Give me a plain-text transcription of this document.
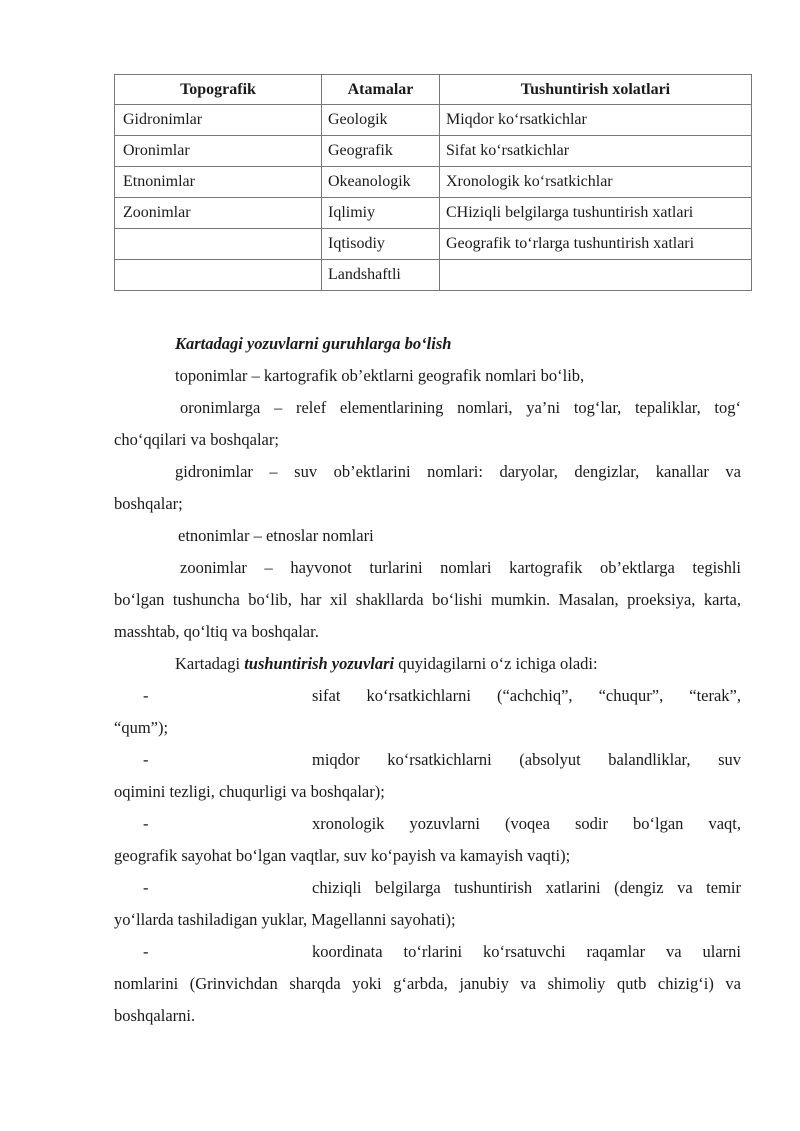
Topografik	Atamalar	Tushuntirish xolatlari
Gidronimlar	Geologik	Miqdor ko‘rsatkichlar
Oronimlar	Geografik	Sifat ko‘rsatkichlar
Etnonimlar	Okeanologik	Xronologik ko‘rsatkichlar
Zoonimlar	Iqlimiy	CHiziqli belgilarga tushuntirish xatlari
	Iqtisodiy	Geografik to‘rlarga tushuntirish xatlari
	Landshaftli	

Kartadagi yozuvlarni guruhlarga bo‘lish

toponimlar – kartografik ob’ektlarni geografik nomlari bo‘lib,

oronimlarga – relef elementlarining nomlari, ya’ni tog‘lar, tepaliklar, tog‘
cho‘qqilari va boshqalar;

gidronimlar – suv ob’ektlarini nomlari: daryolar, dengizlar, kanallar va
boshqalar;

etnonimlar – etnoslar nomlari

zoonimlar – hayvonot turlarini nomlari kartografik ob’ektlarga tegishli
bo‘lgan tushuncha bo‘lib, har xil shakllarda bo‘lishi mumkin. Masalan, proeksiya, karta, masshtab, qo‘ltiq va boshqalar.

Kartadagi tushuntirish yozuvlari quyidagilarni o‘z ichiga oladi:

-	sifat ko‘rsatkichlarni (“achchiq”, “chuqur”, “terak”,
“qum”);

-	miqdor ko‘rsatkichlarni (absolyut balandliklar, suv
oqimini tezligi, chuqurligi va boshqalar);

-	xronologik yozuvlarni (voqea sodir bo‘lgan vaqt,
geografik sayohat bo‘lgan vaqtlar, suv ko‘payish va kamayish vaqti);

-	chiziqli belgilarga tushuntirish xatlarini (dengiz va temir
yo‘llarda tashiladigan yuklar, Magellanni sayohati);

-	koordinata to‘rlarini ko‘rsatuvchi raqamlar va ularni
nomlarini (Grinvichdan sharqda yoki g‘arbda, janubiy va shimoliy qutb chizig‘i) va boshqalarni.
